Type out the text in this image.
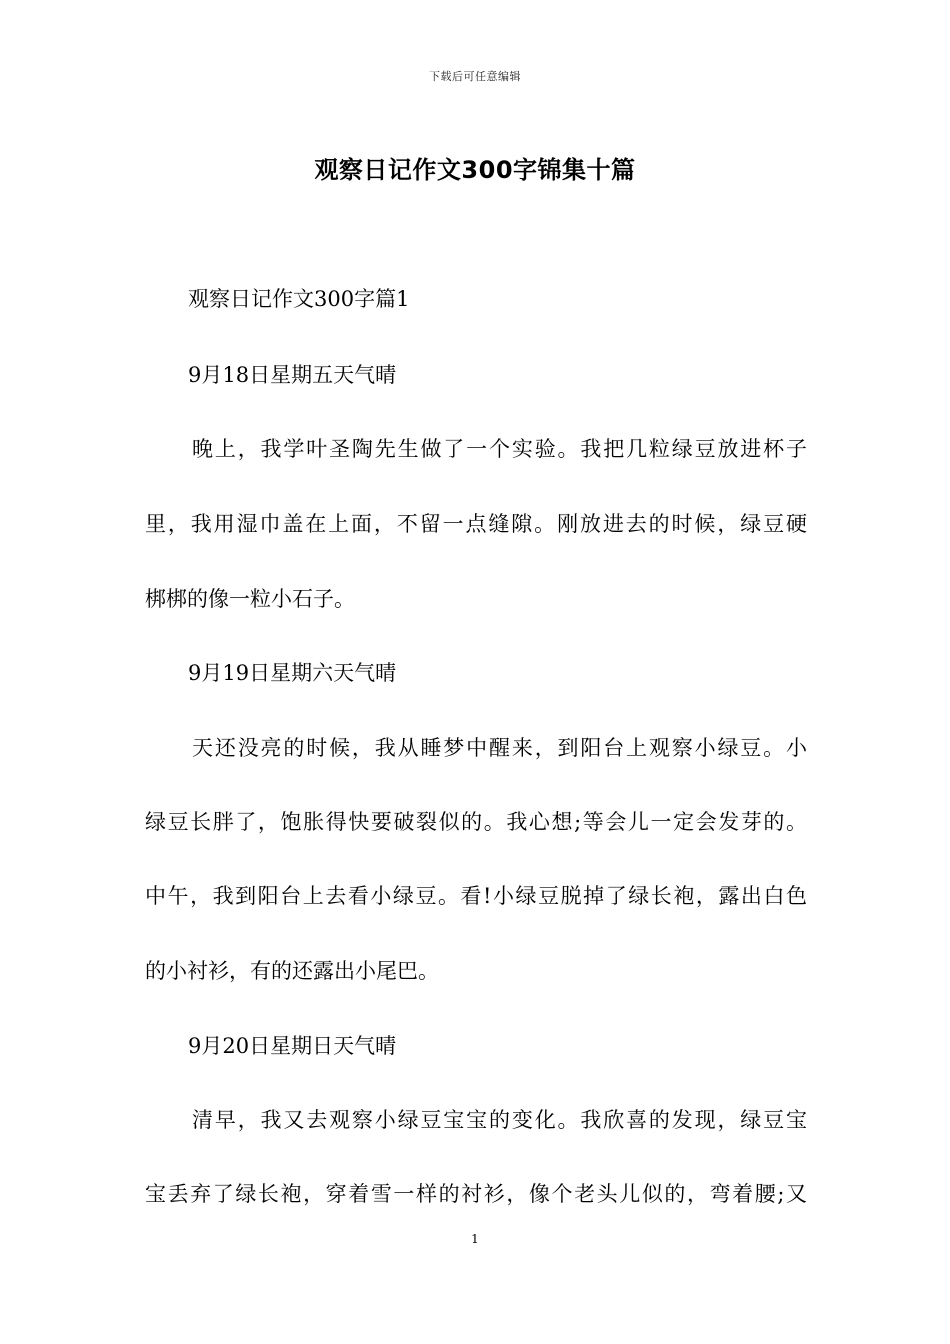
下载后可任意编辑
观察日记作文300字锦集十篇
观察日记作文300字篇1
9月18日星期五天气晴
晚上，我学叶圣陶先生做了一个实验。我把几粒绿豆放进杯子
里，我用湿巾盖在上面，不留一点缝隙。刚放进去的时候，绿豆硬
梆梆的像一粒小石子。
9月19日星期六天气晴
天还没亮的时候，我从睡梦中醒来，到阳台上观察小绿豆。小
绿豆长胖了，饱胀得快要破裂似的。我心想;等会儿一定会发芽的。
中午，我到阳台上去看小绿豆。看!小绿豆脱掉了绿长袍，露出白色
的小衬衫，有的还露出小尾巴。
9月20日星期日天气晴
清早，我又去观察小绿豆宝宝的变化。我欣喜的发现，绿豆宝
宝丢弃了绿长袍，穿着雪一样的衬衫，像个老头儿似的，弯着腰;又
1
